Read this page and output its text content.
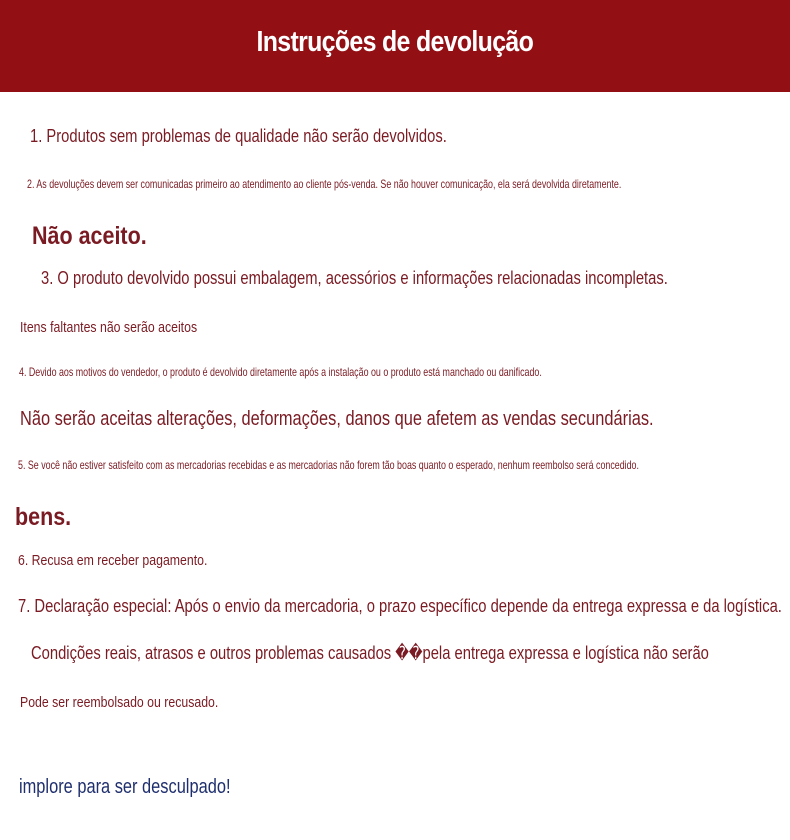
Instruções de devolução
1. Produtos sem problemas de qualidade não serão devolvidos.
2. As devoluções devem ser comunicadas primeiro ao atendimento ao cliente pós-venda. Se não houver comunicação, ela será devolvida diretamente.
Não aceito.
3. O produto devolvido possui embalagem, acessórios e informações relacionadas incompletas.
Itens faltantes não serão aceitos
4. Devido aos motivos do vendedor, o produto é devolvido diretamente após a instalação ou o produto está manchado ou danificado.
Não serão aceitas alterações, deformações, danos que afetem as vendas secundárias.
5. Se você não estiver satisfeito com as mercadorias recebidas e as mercadorias não forem tão boas quanto o esperado, nenhum reembolso será concedido.
bens.
6. Recusa em receber pagamento.
7. Declaração especial: Após o envio da mercadoria, o prazo específico depende da entrega expressa e da logística.
Condições reais, atrasos e outros problemas causados ��pela entrega expressa e logística não serão
Pode ser reembolsado ou recusado.
implore para ser desculpado!
